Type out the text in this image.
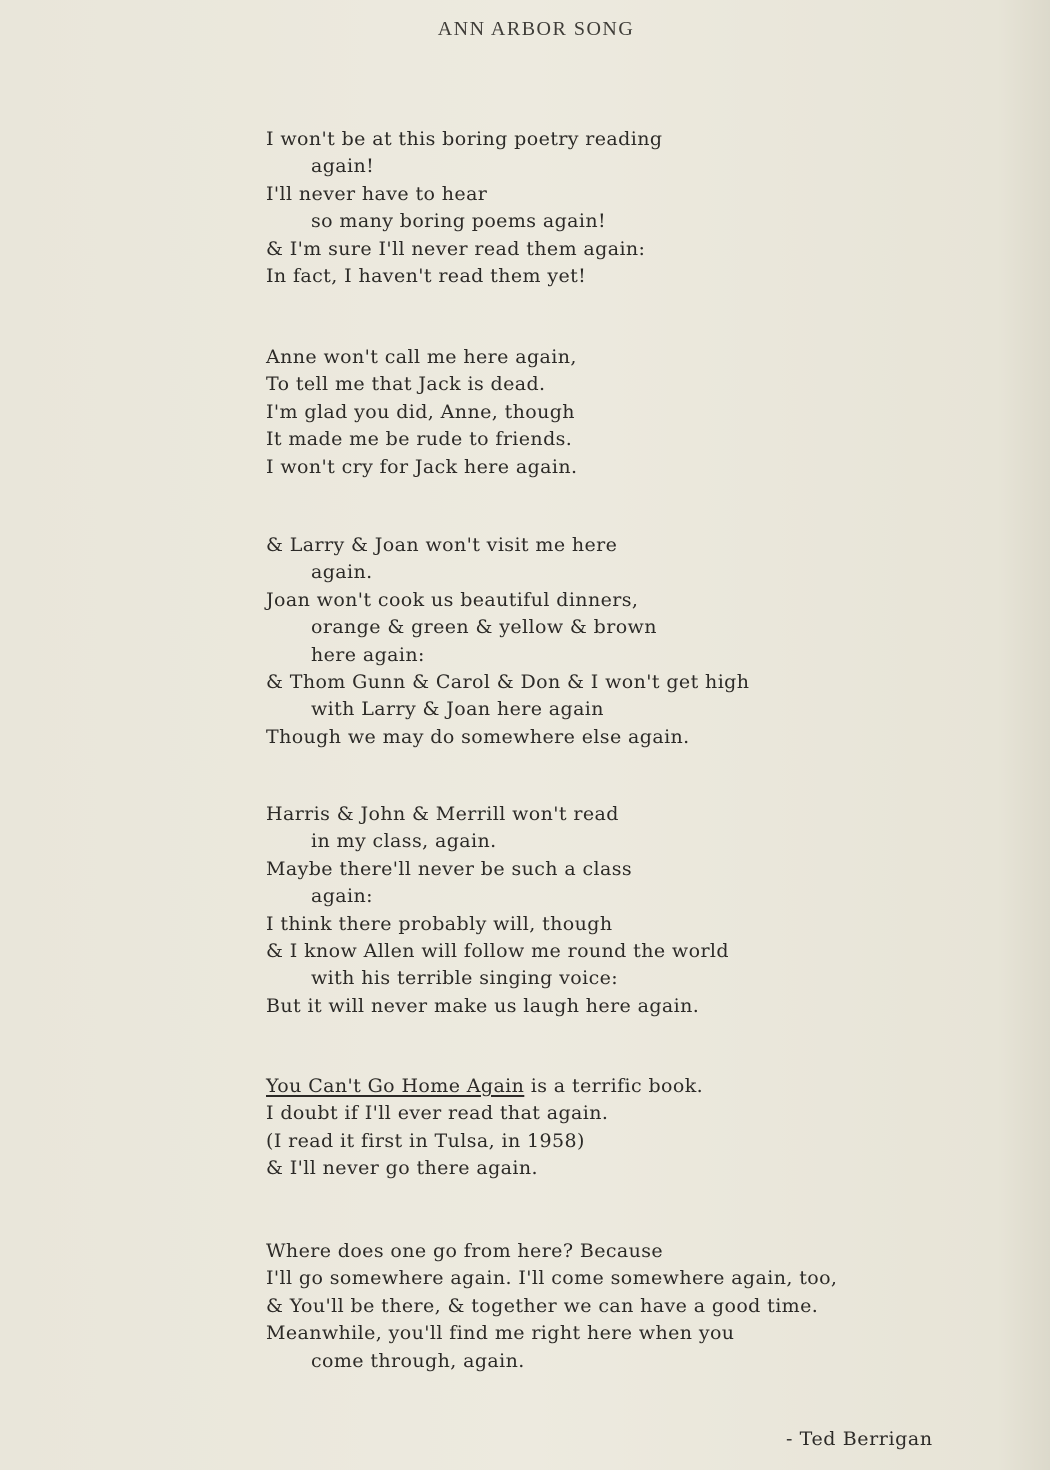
ANN ARBOR SONG
I won't be at this boring poetry reading
again!
I'll never have to hear
so many boring poems again!
& I'm sure I'll never read them again:
In fact, I haven't read them yet!
Anne won't call me here again,
To tell me that Jack is dead.
I'm glad you did, Anne, though
It made me be rude to friends.
I won't cry for Jack here again.
& Larry & Joan won't visit me here
again.
Joan won't cook us beautiful dinners,
orange & green & yellow & brown
here again:
& Thom Gunn & Carol & Don & I won't get high
with Larry & Joan here again
Though we may do somewhere else again.
Harris & John & Merrill won't read
in my class, again.
Maybe there'll never be such a class
again:
I think there probably will, though
& I know Allen will follow me round the world
with his terrible singing voice:
But it will never make us laugh here again.
You Can't Go Home Again is a terrific book.
I doubt if I'll ever read that again.
(I read it first in Tulsa, in 1958)
& I'll never go there again.
Where does one go from here? Because
I'll go somewhere again. I'll come somewhere again, too,
& You'll be there, & together we can have a good time.
Meanwhile, you'll find me right here when you
come through, again.
- Ted Berrigan
